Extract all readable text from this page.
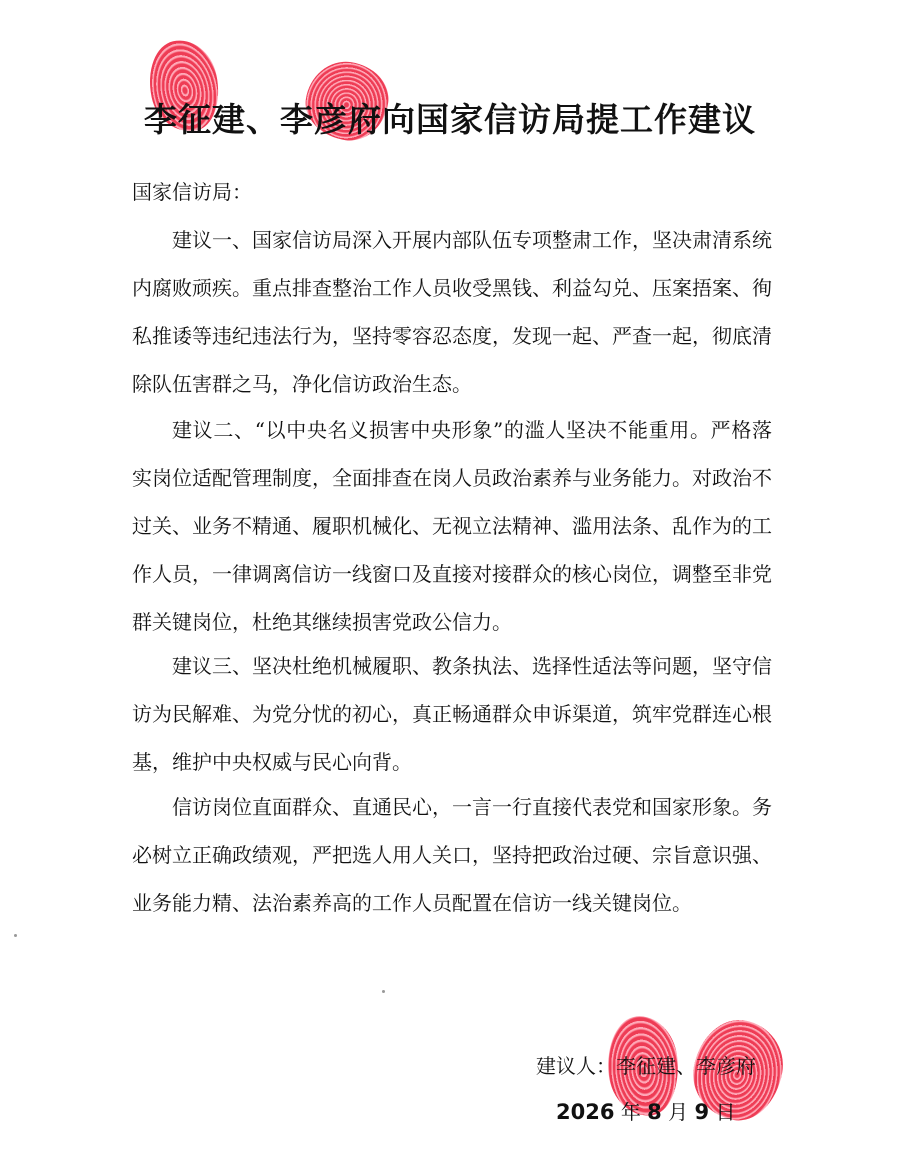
李征建、李彦府向国家信访局提工作建议
国家信访局：

建议一、国家信访局深入开展内部队伍专项整肃工作，坚决肃清系统内腐败顽疾。重点排查整治工作人员收受黑钱、利益勾兑、压案捂案、徇私推诿等违纪违法行为，坚持零容忍态度，发现一起、严查一起，彻底清除队伍害群之马，净化信访政治生态。

建议二、“以中央名义损害中央形象”的滥人坚决不能重用。严格落实岗位适配管理制度，全面排查在岗人员政治素养与业务能力。对政治不过关、业务不精通、履职机械化、无视立法精神、滥用法条、乱作为的工作人员，一律调离信访一线窗口及直接对接群众的核心岗位，调整至非党群关键岗位，杜绝其继续损害党政公信力。

建议三、坚决杜绝机械履职、教条执法、选择性适法等问题，坚守信访为民解难、为党分忧的初心，真正畅通群众申诉渠道，筑牢党群连心根基，维护中央权威与民心向背。

信访岗位直面群众、直通民心，一言一行直接代表党和国家形象。务必树立正确政绩观，严把选人用人关口，坚持把政治过硬、宗旨意识强、业务能力精、法治素养高的工作人员配置在信访一线关键岗位。

建议人：李征建、李彦府
2026 年 8 月 9 日
